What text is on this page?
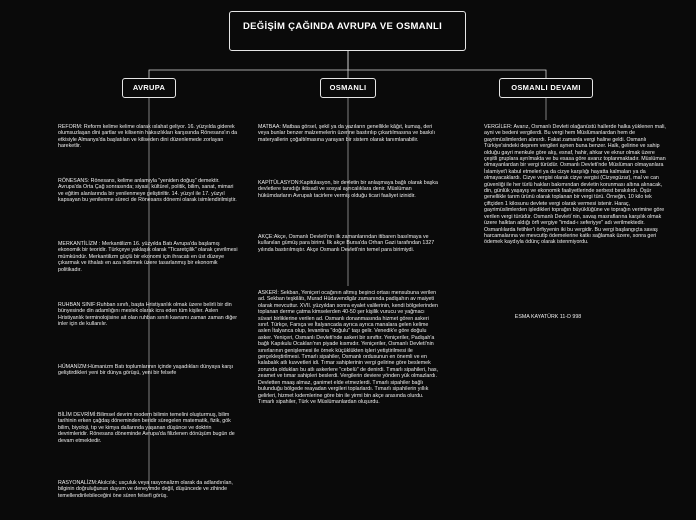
DEĞİŞİM ÇAĞINDA AVRUPA VE OSMANLI
AVRUPA	OSMANLI	OSMANLI DEVAMI
REFORM: Reform kelime kelime olarak ıslahat geliyor. 16. yüzyılda giderek olumsuzlaşan dini şartlar ve kilisenin haksızlıkları karşısında Rönesans'ın da etkisiyle Almanya'da başlatılan ve kiliseden dini düzenlemede zorlayan hareketlir.
RÖNESANS: Rönesans, kelime anlamıyla "yeniden doğuş" demektir. Avrupa'da Orta Çağ sonrasında; siyasi, kültürel, politik, bilim, sanat, mimari ve eğitim alanlarında bir yenilenmeye geliştiriltir. 14. yüzyıl ile 17. yüzyıl kapsayan bu yenilenme süreci de Rönesans dönemi olarak isimlendirilmiştir.
MERKANTİLİZM : Merkantilizm 16. yüzyılda Batı Avrupa'da başlamış ekonomik bir teoridir. Türkçeye yaklaşık olarak "Ticaretçilik" olarak çevrilmesi mümkündür. Merkantilizm güçlü bir ekonomi için ihracatı en üst düzeye çıkarmak ve ithalatı en aza indirmek üzere tasarlanmış bir ekonomik politikadır.
RUHBAN SINIF:Ruhban sınıfı, başta Hristiyanlık olmak üzere belirli bir din bünyesinde din adamlığını meslek olarak icra eden tüm kişiler. Aslen Hristiyanlık terminolojisine ait olan ruhban sınıfı kavramı zaman zaman diğer inler için de kullanılır.
HÜMANİZM:Hümanizm Batı toplumlarının içinde yaşadıkları dünyaya karşı geliştirdikleri yeni bir dünya görüşü, yeni bir felsefe
BİLİM DEVRİMİ:Bilimsel devrim modern bilimin temelini oluşturmuş, bilim tarihinin erken çağdaş döneminden beridir süregelen matematik, fizik, gök bilim, biyoloji, tıp ve kimya dallarında yaşanan düşünce ve doktrin devrimleridir. Rönesans döneminde Avrupa'da filizlenen dönüşüm bugün de devam etmektedir.
RASYONALİZM:Akılcılık; usçuluk veya rasyonalizm olarak da adlandırılan, bilginin doğruluğunun duyum ve deneyimde değil, düşüncede ve zihinde temellendirilebileceğini öne süren felsefi görüş.
MATBAA: Matbaa görsel, şekil ya da yazıların genellikle kâğıt, kumaş, deri veya bunlar benzer malzemelerin üzerine bastırılıp çıkartılmasına ve baskılı materyallerin çoğaltılmasına yarayan bir sistem olarak tanımlanabilir.
KAPİTÜLASYON:Kapitülasyon, bir devletin bir anlaşmaya bağlı olarak başka devletlere tanıdığı iktisadi ve sosyal ayrıcalıklara denir. Müslüman hükümdarların Avrupalı tacirlere vermiş olduğu ticari faaliyet izinidir.
AKÇE:Akçe, Osmanlı Devleti'nin ilk zamanlarından itibaren basılmaya ve kullanılan gümüş para birimi. İlk akçe Bursa'da Orhan Gazi tarafından 1327 yılında bastırılmıştır. Akçe Osmanlı Devleti'nin temel para birimiydi.
ASKERİ: Sekban, Yeniçeri ocağının altmış beşinci ortası mensubuna verilen ad. Sekban teşkilâtı, Murad Hüdavendigâr zamanında padişahın av maiyeti olarak mevcuttur. XVII. yüzyıldan sonra eyalet valilerinin, kendi bölgelerinden toplanan derme çatma kimselerden 40-50 şer kişilik vurucu ve yağmacı süvari birliklerine verilen ad. Osmanlı donanmasında hizmet gören askeri sınıf. Türkçe, Farsça ve İtalyancada ayrıca ayrıca manalara gelen kelime aslen İtalyanca olup, levantina "doğulu" taşı gelir. Venedik'e göre doğulu asker. Yeniçeri, Osmanlı Devleti'nde askeri bir sınıftır. Yeniçeriler, Padişah'a bağlı Kapıkulu Ocakları'nın piyade kısmıdır. Yeniçeriler, Osmanlı Devleti'nin sınırlarının genişlemesi ile örnek küçüklükten işleri yetiştirilmesi ile gerçekleştirilmesi. Tımarlı sipahiler, Osmanlı ordusunun en önemli ve en kalabalık atlı kuvvetleri idi. Tımar sahiplerinin vergi gelirine göre beslemek zorunda oldukları bu atlı askerlere "cebelü" de denirdi. Tımarlı sipahileri, has, zeamet ve tımar sahipleri beslerdi. Vergilerin deviere yönden yük olmazlardı. Devletten maaş almaz, ganimet elde etmezlerdi. Tımarlı sipahiler bağlı bulunduğu bölgede reayadan vergileri toplarlardı. Tımarlı sipahilerin yıllık gelirleri, hizmet kıdemlerine göre bin ile yirmi bin akçe arasında olurdu. Tımarlı sipahiler, Türk ve Müslümanlardan oluşurdu.
VERGİLER: Avarız, Osmanlı Devleti olağanüstü hallerde halka yüklenen mali, ayni ve bedeni vergilerdi. Bu vergi hem Müslümanlardan hem de gayrimüslimlerden alınırdı. Fakat zamanla vergi haline geldi. Osmanlı Türkiye'sindeki deprem vergileri aynen buna benzer. Halk, gelirine ve sahip olduğu gayri menkule göre alış, esnaf, hahir, ahkar ve eknur olmak üzere çeşitli gruplara ayrılmakta ve bu esasa göre avarız toplanmaktadır. Müslüman olmayanlardan bir vergi türüdür. Osmanlı Devleti'nde Müslüman olmayanlara İslamiyet'i kabul etmeleri ya da cizye karşılığı hayatta kalmaları ya da olmayacaklardı. Cizye vergisi olarak cizye vergisi (Cizyegüzar), mal ve can güvenliği ile her türlü hakları bakımından devletin korunması altına alınacak, din, günlük yaşayış ve ekonomik faaliyetlerinde serbest bırakılırdı. Öşür genellikle tarım ürünü olarak toplanan bir vergi türü. Örneğin, 10 kilo tek çiftçiden 1 kilosunu devlete vergi olarak vermesi istenir. Haraç, gayrimüslimlerden işledikleri toprağın büyüklüğüne ve toprağın verimine göre verilen vergi türüdür. Osmanlı Devleti´nin, savaş masraflarına karşılık olmak üzere halktan aldığı örfi vergiye "imdad-ı seferiyye" adı verilmektedir. Osmanlılarda fetihler'i örfiyyenin iki bu vergidir. Bu vergi başlangıçta savaş harcamalarına ve mevcutlp ödemelerine katkı sağlamak üzere, sonra geri ödemek kaydıyla ödünç olarak istenmiyordu.
ESMA KAYATÜRK 11-D 998
